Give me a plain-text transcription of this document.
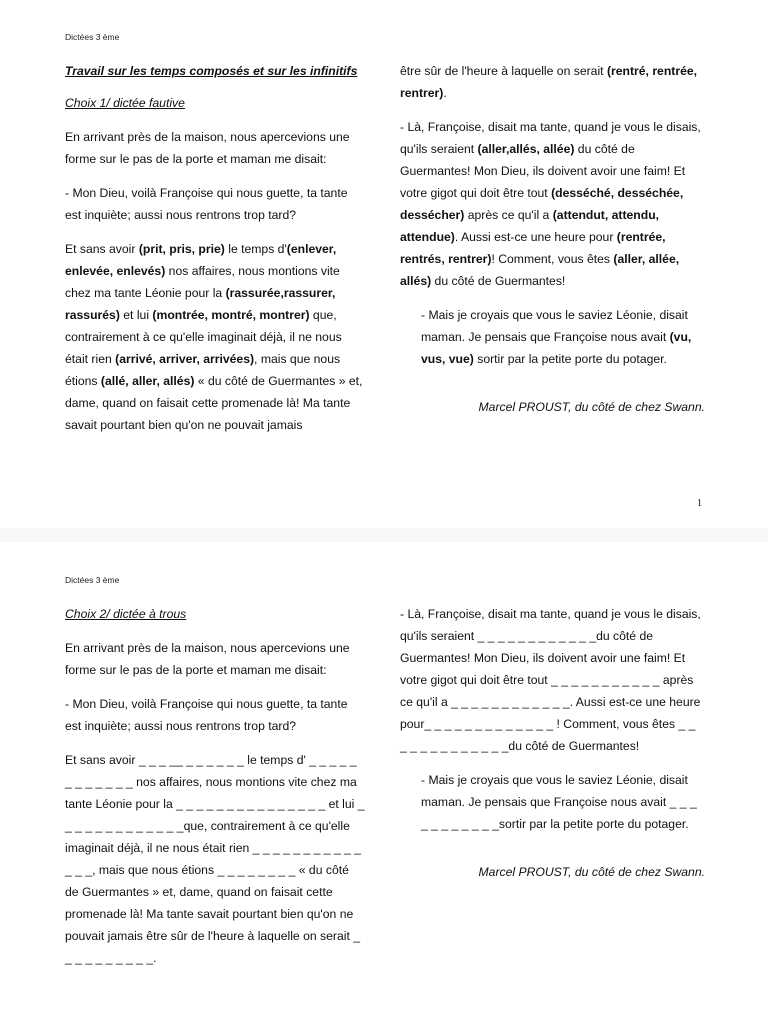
Dictées 3 ème

Travail sur les temps composés et sur les infinitifs

Choix 1/ dictée fautive

En arrivant près de la maison, nous apercevions une forme sur le pas de la porte et maman me disait:

- Mon Dieu, voilà Françoise qui nous guette, ta tante est inquiète; aussi nous rentrons trop tard?

Et sans avoir (prit, pris, prie) le temps d'(enlever, enlevée, enlevés) nos affaires, nous montions vite chez ma tante Léonie pour la (rassurée,rassurer, rassurés) et lui (montrée, montré, montrer) que, contrairement à ce qu'elle imaginait déjà, il ne nous était rien (arrivé, arriver, arrivées), mais que nous étions (allé, aller, allés) « du côté de Guermantes » et, dame, quand on faisait cette promenade là! Ma tante savait pourtant bien qu'on ne pouvait jamais

être sûr de l'heure à laquelle on serait (rentré, rentrée, rentrer).

- Là, Françoise, disait ma tante, quand je vous le disais, qu'ils seraient (aller,allés, allée) du côté de Guermantes! Mon Dieu, ils doivent avoir une faim! Et votre gigot qui doit être tout (desséché, desséchée, dessécher) après ce qu'il a (attendut, attendu, attendue). Aussi est-ce une heure pour (rentrée, rentrés, rentrer)! Comment, vous êtes (aller, allée, allés) du côté de Guermantes!

- Mais je croyais que vous le saviez Léonie, disait maman. Je pensais que Françoise nous avait (vu, vus, vue) sortir par la petite porte du potager.

Marcel PROUST, du côté de chez Swann.

1
Dictées 3 ème

Choix 2/ dictée à trous

En arrivant près de la maison, nous apercevions une forme sur le pas de la porte et maman me disait:

- Mon Dieu, voilà Françoise qui nous guette, ta tante est inquiète; aussi nous rentrons trop tard?

Et sans avoir _ _ _ __ _ _ _ _ _ _ le temps d' _ _ _ _ _ _ _ _ _ _ _ _ nos affaires, nous montions vite chez ma tante Léonie pour la _ _ _ _ _ _ _ _ _ _ _ _ _ _ _ et lui _ _ _ _ _ _ _ _ _ _ _ _ _que, contrairement à ce qu'elle imaginait déjà, il ne nous était rien _ _ _ _ _ _ _ _ _ _ _ _ _ _, mais que nous étions _ _ _ _ _ _ _ _ « du côté de Guermantes » et, dame, quand on faisait cette promenade là! Ma tante savait pourtant bien qu'on ne pouvait jamais être sûr de l'heure à laquelle on serait _ _ _ _ _ _ _ _ _ _.

- Là, Françoise, disait ma tante, quand je vous le disais, qu'ils seraient _ _ _ _ _ _ _ _ _ _ _ _du côté de Guermantes! Mon Dieu, ils doivent avoir une faim! Et votre gigot qui doit être tout _ _ _ _ _ _ _ _ _ _ _ après ce qu'il a _ _ _ _ _ _ _ _ _ _ _ _. Aussi est-ce une heure pour_ _ _ _ _ _ _ _ _ _ _ _ _ ! Comment, vous êtes _ _ _ _ _ _ _ _ _ _ _ _ _du côté de Guermantes!

- Mais je croyais que vous le saviez Léonie, disait maman. Je pensais que Françoise nous avait _ _ _ _ _ _ _ _ _ _ _sortir par la petite porte du potager.

Marcel PROUST, du côté de chez Swann.
